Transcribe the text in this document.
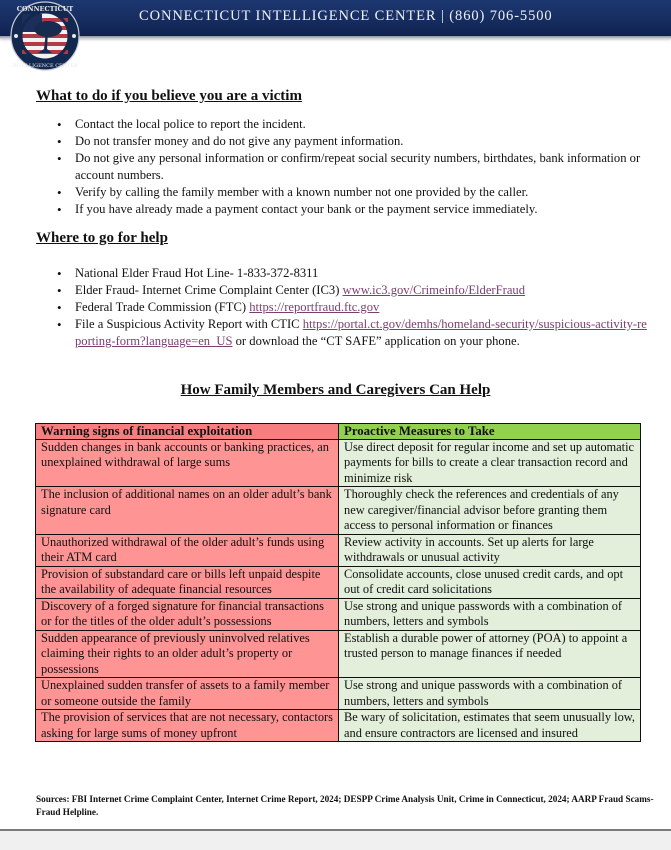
CONNECTICUT INTELLIGENCE CENTER | (860) 706-5500
CONNECTICUT
INTELLIGENCE CENTER
What to do if you believe you are a victim
• Contact the local police to report the incident.
• Do not transfer money and do not give any payment information.
• Do not give any personal information or confirm/repeat social security numbers, birthdates, bank information or account numbers.
• Verify by calling the family member with a known number not one provided by the caller.
• If you have already made a payment contact your bank or the payment service immediately.
Where to go for help
• National Elder Fraud Hot Line- 1-833-372-8311
• Elder Fraud- Internet Crime Complaint Center (IC3) www.ic3.gov/Crimeinfo/ElderFraud
• Federal Trade Commission (FTC) https://reportfraud.ftc.gov
• File a Suspicious Activity Report with CTIC https://portal.ct.gov/demhs/homeland-security/suspicious-activity-reporting-form?language=en_US or download the “CT SAFE” application on your phone.
How Family Members and Caregivers Can Help
Warning signs of financial exploitation	Proactive Measures to Take
Sudden changes in bank accounts or banking practices, an unexplained withdrawal of large sums	Use direct deposit for regular income and set up automatic payments for bills to create a clear transaction record and minimize risk
The inclusion of additional names on an older adult’s bank signature card	Thoroughly check the references and credentials of any new caregiver/financial advisor before granting them access to personal information or finances
Unauthorized withdrawal of the older adult’s funds using their ATM card	Review activity in accounts. Set up alerts for large withdrawals or unusual activity
Provision of substandard care or bills left unpaid despite the availability of adequate financial resources	Consolidate accounts, close unused credit cards, and opt out of credit card solicitations
Discovery of a forged signature for financial transactions or for the titles of the older adult’s possessions	Use strong and unique passwords with a combination of numbers, letters and symbols
Sudden appearance of previously uninvolved relatives claiming their rights to an older adult’s property or possessions	Establish a durable power of attorney (POA) to appoint a trusted person to manage finances if needed
Unexplained sudden transfer of assets to a family member or someone outside the family	Use strong and unique passwords with a combination of numbers, letters and symbols
The provision of services that are not necessary, contactors asking for large sums of money upfront	Be wary of solicitation, estimates that seem unusually low, and ensure contractors are licensed and insured
Sources: FBI Internet Crime Complaint Center, Internet Crime Report, 2024; DESPP Crime Analysis Unit, Crime in Connecticut, 2024; AARP Fraud Scams-Fraud Helpline.
